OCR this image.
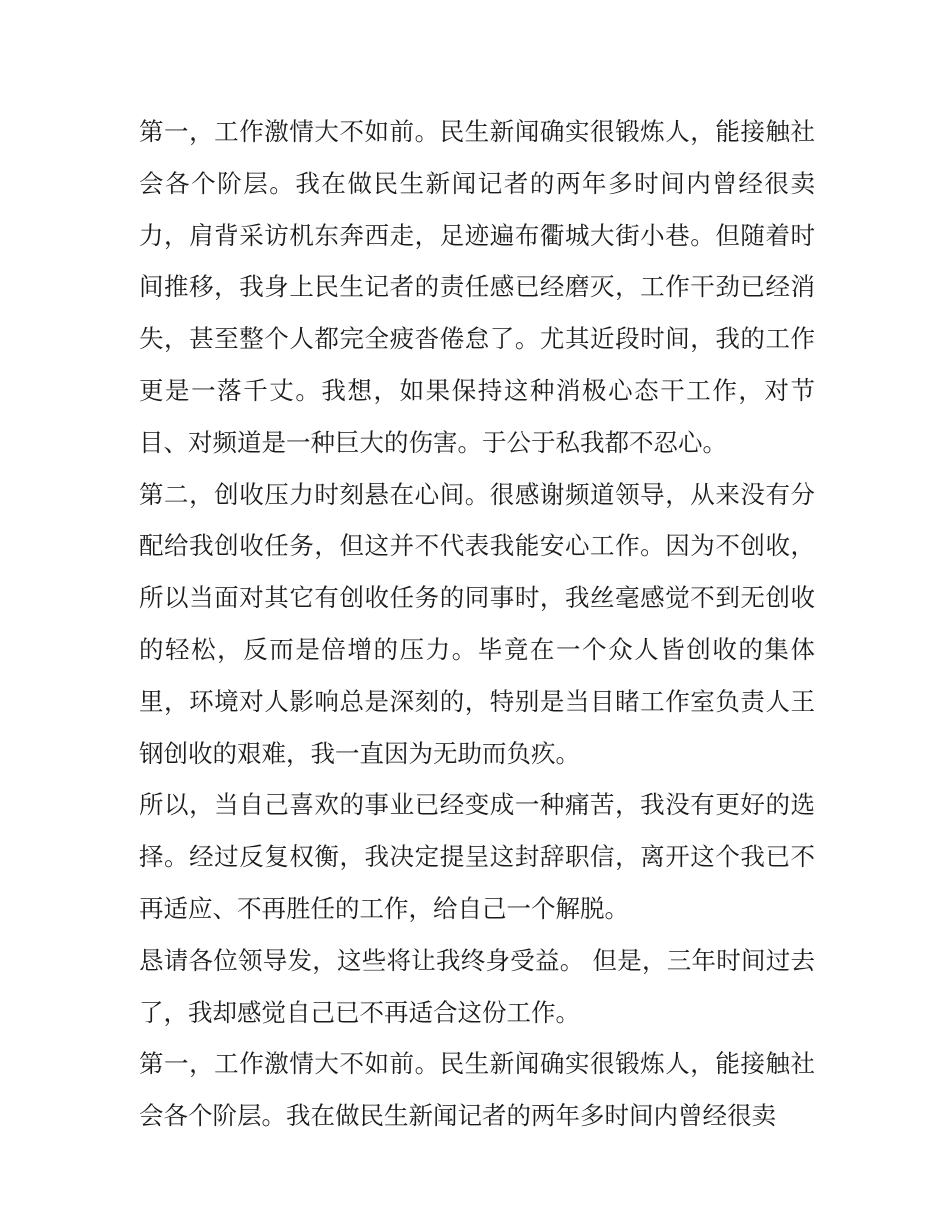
第一，工作激情大不如前。民生新闻确实很锻炼人，能接触社会各个阶层。我在做民生新闻记者的两年多时间内曾经很卖力，肩背采访机东奔西走，足迹遍布衢城大街小巷。但随着时间推移，我身上民生记者的责任感已经磨灭，工作干劲已经消失，甚至整个人都完全疲沓倦怠了。尤其近段时间，我的工作更是一落千丈。我想，如果保持这种消极心态干工作，对节目、对频道是一种巨大的伤害。于公于私我都不忍心。

第二，创收压力时刻悬在心间。很感谢频道领导，从来没有分配给我创收任务，但这并不代表我能安心工作。因为不创收，所以当面对其它有创收任务的同事时，我丝毫感觉不到无创收的轻松，反而是倍增的压力。毕竟在一个众人皆创收的集体里，环境对人影响总是深刻的，特别是当目睹工作室负责人王钢创收的艰难，我一直因为无助而负疚。

所以，当自己喜欢的事业已经变成一种痛苦，我没有更好的选择。经过反复权衡，我决定提呈这封辞职信，离开这个我已不再适应、不再胜任的工作，给自己一个解脱。

恳请各位领导发，这些将让我终身受益。 但是，三年时间过去了，我却感觉自己已不再适合这份工作。

第一，工作激情大不如前。民生新闻确实很锻炼人，能接触社会各个阶层。我在做民生新闻记者的两年多时间内曾经很卖
